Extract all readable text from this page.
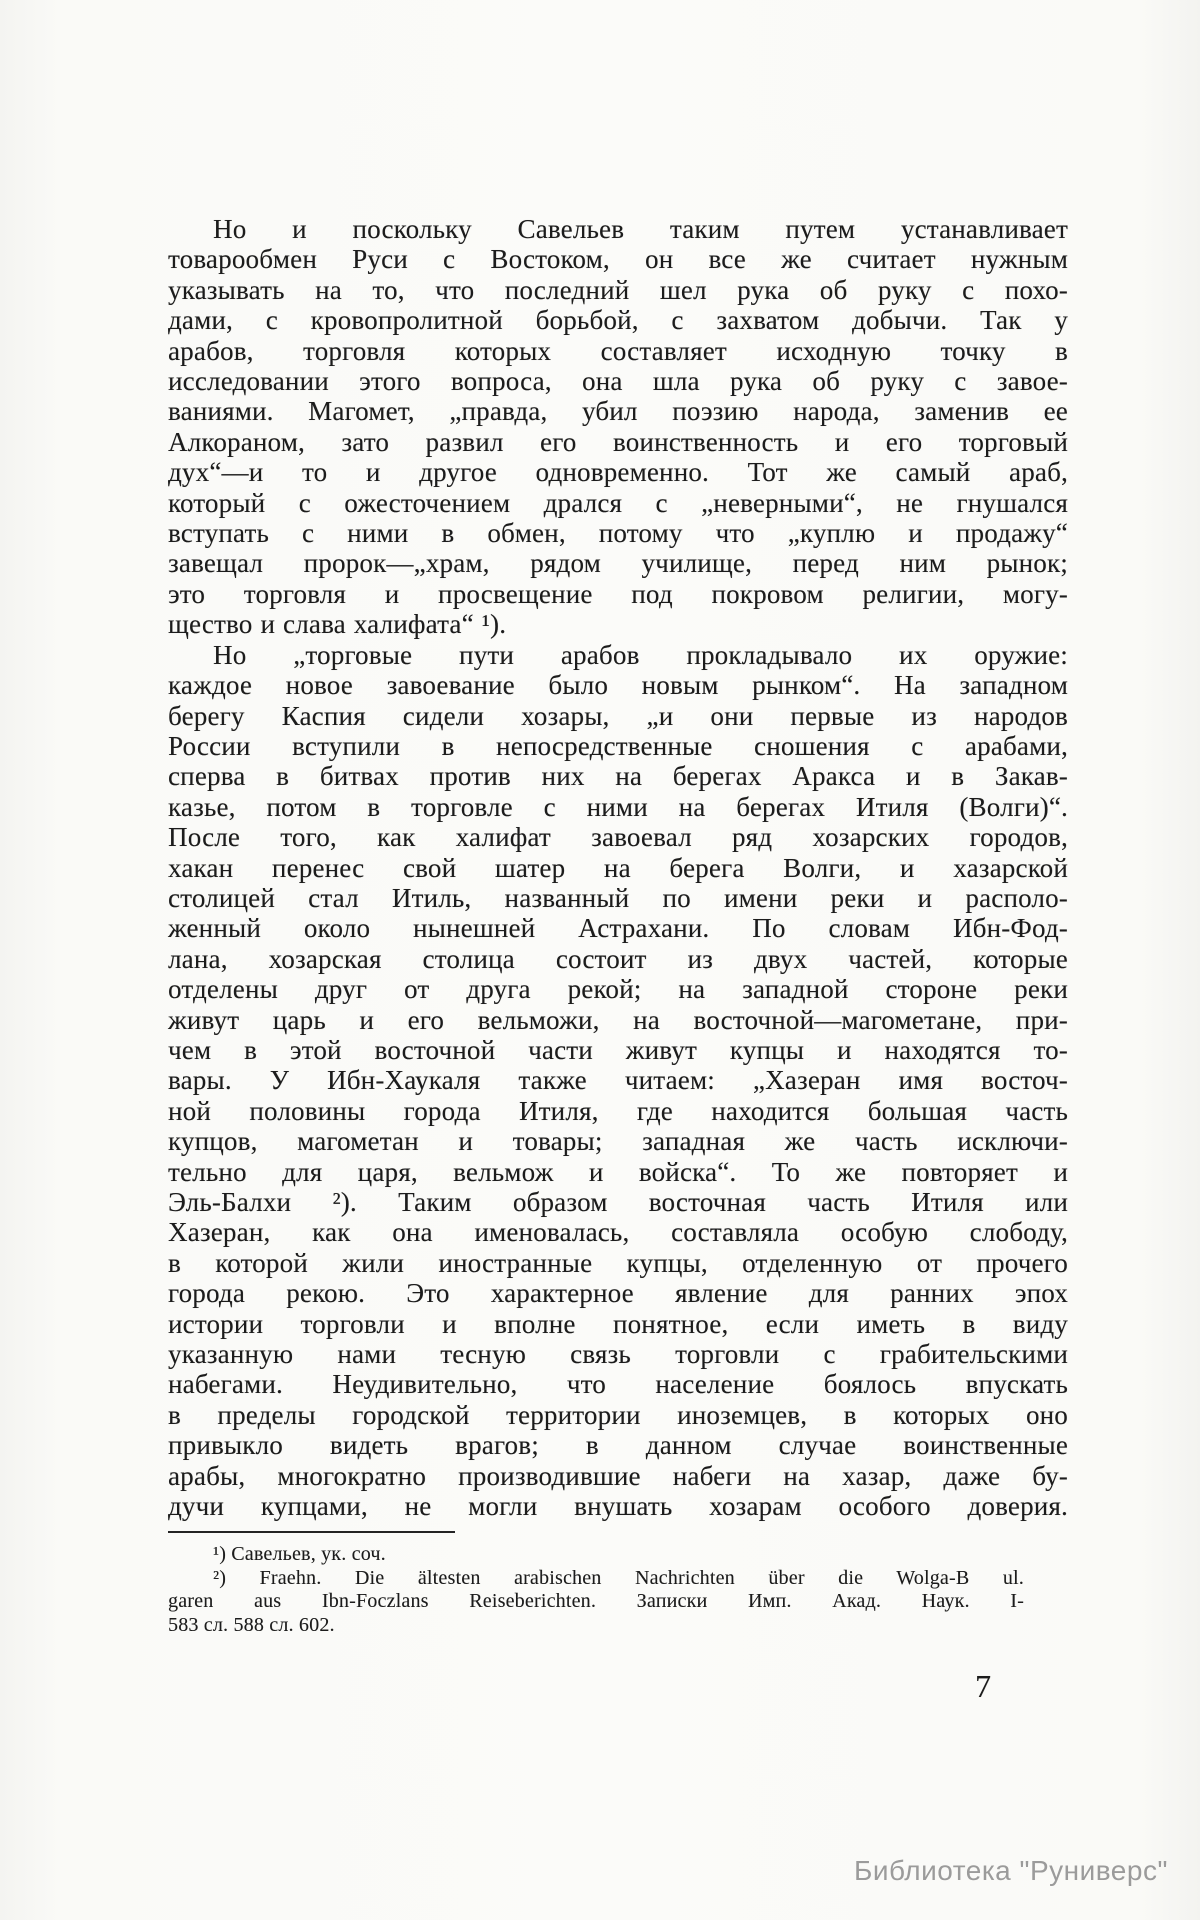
Но и поскольку Савельев таким путем устанавливает
товарообмен Руси с Востоком, он все же считает нужным
указывать на то, что последний шел рука об руку с похо-
дами, с кровопролитной борьбой, с захватом добычи. Так у
арабов, торговля которых составляет исходную точку в
исследовании этого вопроса, она шла рука об руку с завое-
ваниями. Магомет, „правда, убил поэзию народа, заменив ее
Алкораном, зато развил его воинственность и его торговый
дух“—и то и другое одновременно. Тот же самый араб,
который с ожесточением дрался с „неверными“, не гнушался
вступать с ними в обмен, потому что „куплю и продажу“
завещал пророк—„храм, рядом училище, перед ним рынок;
это торговля и просвещение под покровом религии, могу-
щество и слава халифата“ ¹).
Но „торговые пути арабов прокладывало их оружие:
каждое новое завоевание было новым рынком“. На западном
берегу Каспия сидели хозары, „и они первые из народов
России вступили в непосредственные сношения с арабами,
сперва в битвах против них на берегах Аракса и в Закав-
казье, потом в торговле с ними на берегах Итиля (Волги)“.
После того, как халифат завоевал ряд хозарских городов,
хакан перенес свой шатер на берега Волги, и хазарской
столицей стал Итиль, названный по имени реки и располо-
женный около нынешней Астрахани. По словам Ибн-Фод-
лана, хозарская столица состоит из двух частей, которые
отделены друг от друга рекой; на западной стороне реки
живут царь и его вельможи, на восточной—магометане, при-
чем в этой восточной части живут купцы и находятся то-
вары. У Ибн-Хаукаля также читаем: „Хазеран имя восточ-
ной половины города Итиля, где находится большая часть
купцов, магометан и товары; западная же часть исключи-
тельно для царя, вельмож и войска“. То же повторяет и
Эль-Балхи ²). Таким образом восточная часть Итиля или
Хазеран, как она именовалась, составляла особую слободу,
в которой жили иностранные купцы, отделенную от прочего
города рекою. Это характерное явление для ранних эпох
истории торговли и вполне понятное, если иметь в виду
указанную нами тесную связь торговли с грабительскими
набегами. Неудивительно, что население боялось впускать
в пределы городской территории иноземцев, в которых оно
привыкло видеть врагов; в данном случае воинственные
арабы, многократно производившие набеги на хазар, даже бу-
дучи купцами, не могли внушать хозарам особого доверия.
¹) Савельев, ук. соч.
²) Fraehn. Die ältesten arabischen Nachrichten über die Wolga-B ul.
garen aus Ibn-Foczlans Reiseberichten. Записки Имп. Акад. Наук. I-
583 сл. 588 сл. 602.
7
Библиотека "Руниверс"
